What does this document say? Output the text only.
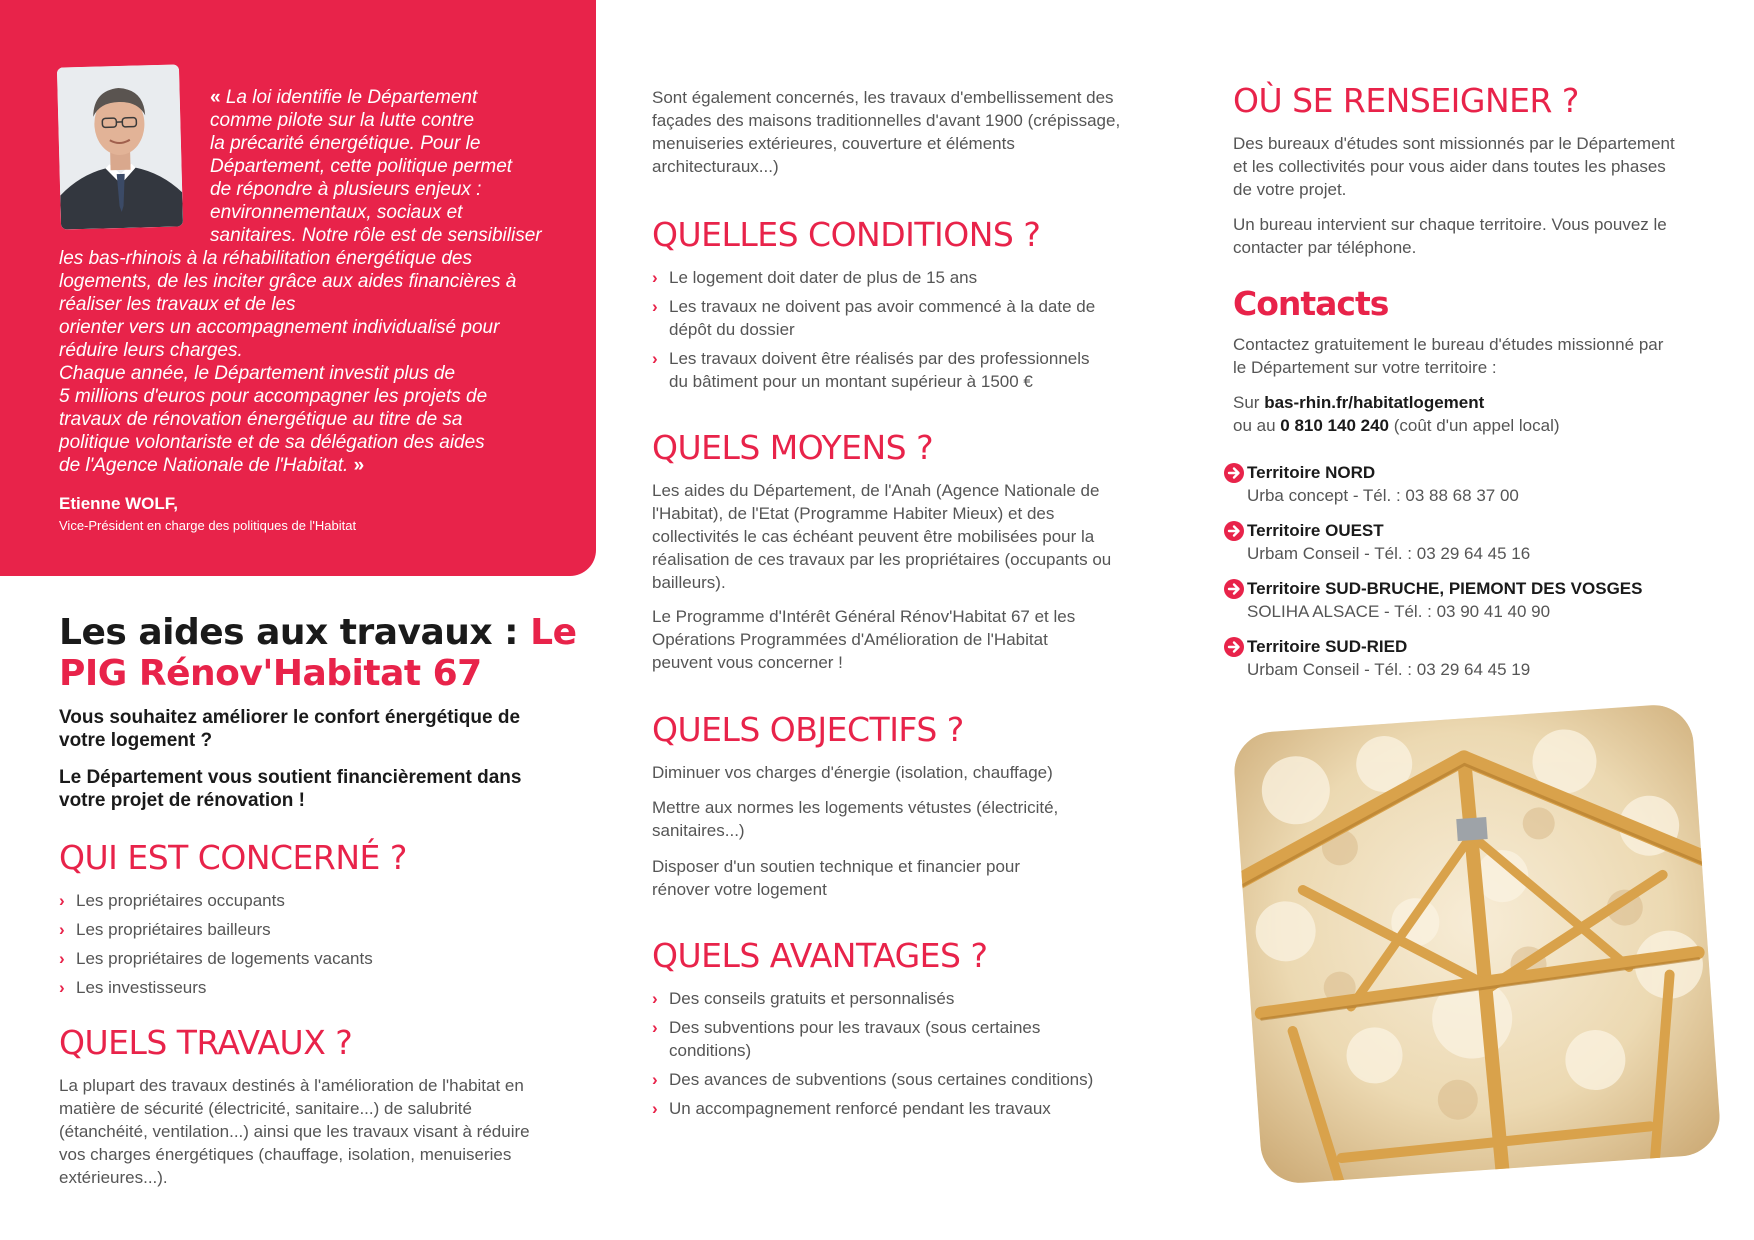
« La loi identifie le Département
comme pilote sur la lutte contre
la précarité énergétique. Pour le
Département, cette politique permet
de répondre à plusieurs enjeux :
environnementaux, sociaux et
sanitaires. Notre rôle est de sensibiliser
les bas-rhinois à la réhabilitation énergétique des
logements, de les inciter grâce aux aides financières à
réaliser les travaux et de les
orienter vers un accompagnement individualisé pour
réduire leurs charges.
Chaque année, le Département investit plus de
5 millions d'euros pour accompagner les projets de
travaux de rénovation énergétique au titre de sa
politique volontariste et de sa délégation des aides
de l'Agence Nationale de l'Habitat. »
Etienne WOLF,
Vice-Président en charge des politiques de l'Habitat
Les aides aux travaux : Le
PIG Rénov'Habitat 67

Vous souhaitez améliorer le confort énergétique de votre logement ?

Le Département vous soutient financièrement dans votre projet de rénovation !

QUI EST CONCERNÉ ?
› Les propriétaires occupants
› Les propriétaires bailleurs
› Les propriétaires de logements vacants
› Les investisseurs
QUELS TRAVAUX ?

La plupart des travaux destinés à l'amélioration de l'habitat en matière de sécurité (électricité, sanitaire...) de salubrité (étanchéité, ventilation...) ainsi que les travaux visant à réduire vos charges énergétiques (chauffage, isolation, menuiseries extérieures...).

Sont également concernés, les travaux d'embellissement des façades des maisons traditionnelles d'avant 1900 (crépissage, menuiseries extérieures, couverture et éléments architecturaux...)

QUELLES CONDITIONS ?
› Le logement doit dater de plus de 15 ans
› Les travaux ne doivent pas avoir commencé à la date de dépôt du dossier
› Les travaux doivent être réalisés par des professionnels du bâtiment pour un montant supérieur à 1500 €
QUELS MOYENS ?

Les aides du Département, de l'Anah (Agence Nationale de l'Habitat), de l'Etat (Programme Habiter Mieux) et des collectivités le cas échéant peuvent être mobilisées pour la réalisation de ces travaux par les propriétaires (occupants ou bailleurs).

Le Programme d'Intérêt Général Rénov'Habitat 67 et les Opérations Programmées d'Amélioration de l'Habitat peuvent vous concerner !

QUELS OBJECTIFS ?

Diminuer vos charges d'énergie (isolation, chauffage)

Mettre aux normes les logements vétustes (électricité, sanitaires...)

Disposer d'un soutien technique et financier pour rénover votre logement

QUELS AVANTAGES ?
› Des conseils gratuits et personnalisés
› Des subventions pour les travaux (sous certaines conditions)
› Des avances de subventions (sous certaines conditions)
› Un accompagnement renforcé pendant les travaux
OÙ SE RENSEIGNER ?

Des bureaux d'études sont missionnés par le Département et les collectivités pour vous aider dans toutes les phases de votre projet.

Un bureau intervient sur chaque territoire. Vous pouvez le contacter par téléphone.

Contacts

Contactez gratuitement le bureau d'études missionné par le Département sur votre territoire :

Sur bas-rhin.fr/habitatlogement
ou au 0 810 140 240 (coût d'un appel local)

Territoire NORD
Urba concept - Tél. : 03 88 68 37 00
Territoire OUEST
Urbam Conseil - Tél. : 03 29 64 45 16
Territoire SUD-BRUCHE, PIEMONT DES VOSGES
SOLIHA ALSACE - Tél. : 03 90 41 40 90
Territoire SUD-RIED
Urbam Conseil - Tél. : 03 29 64 45 19
